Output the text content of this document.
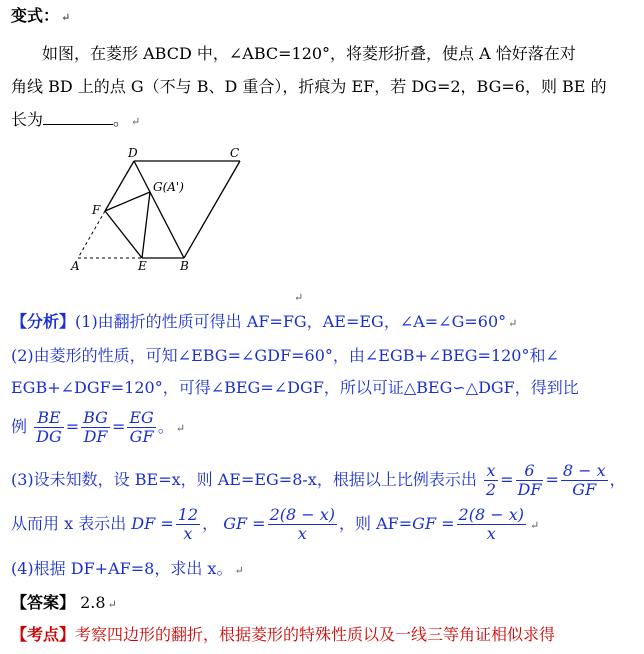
变式： ↵
如图，在菱形 ABCD 中，∠ABC=120°，将菱形折叠，使点 A 恰好落在对
角线 BD 上的点 G（不与 B、D 重合），折痕为 EF，若 DG=2，BG=6，则 BE 的
长为	。 ↵
D	C
G(A')
F
A	E	B
↵
【分析】(1)由翻折的性质可得出 AF=FG，AE=EG，∠A=∠G=60° ↵
(2)由菱形的性质，可知∠EBG=∠GDF=60°，由∠EGB+∠BEG=120°和∠
EGB+∠DGF=120°，可得∠BEG=∠DGF，所以可证△BEG∽△DGF，得到比
例 $\frac{BE}{DG} = \frac{BG}{DF} = \frac{EG}{GF}$ 。 ↵
(3)设未知数，设 BE=x，则 AE=EG=8-x，根据以上比例表示出 $\frac{x}{2} = \frac{6}{DF} = \frac{8 - x}{GF}$ ，
从而用 x 表示出 DF = $\frac{12}{x}$ ， GF = $\frac{2(8 - x)}{x}$ ，则 $AF=GF = \frac{2(8 - x)}{x}$ ↵
(4)根据 DF+AF=8，求出 x。 ↵
【答案】 2.8 ↵
【考点】考察四边形的翻折，根据菱形的特殊性质以及一线三等角证相似求得
